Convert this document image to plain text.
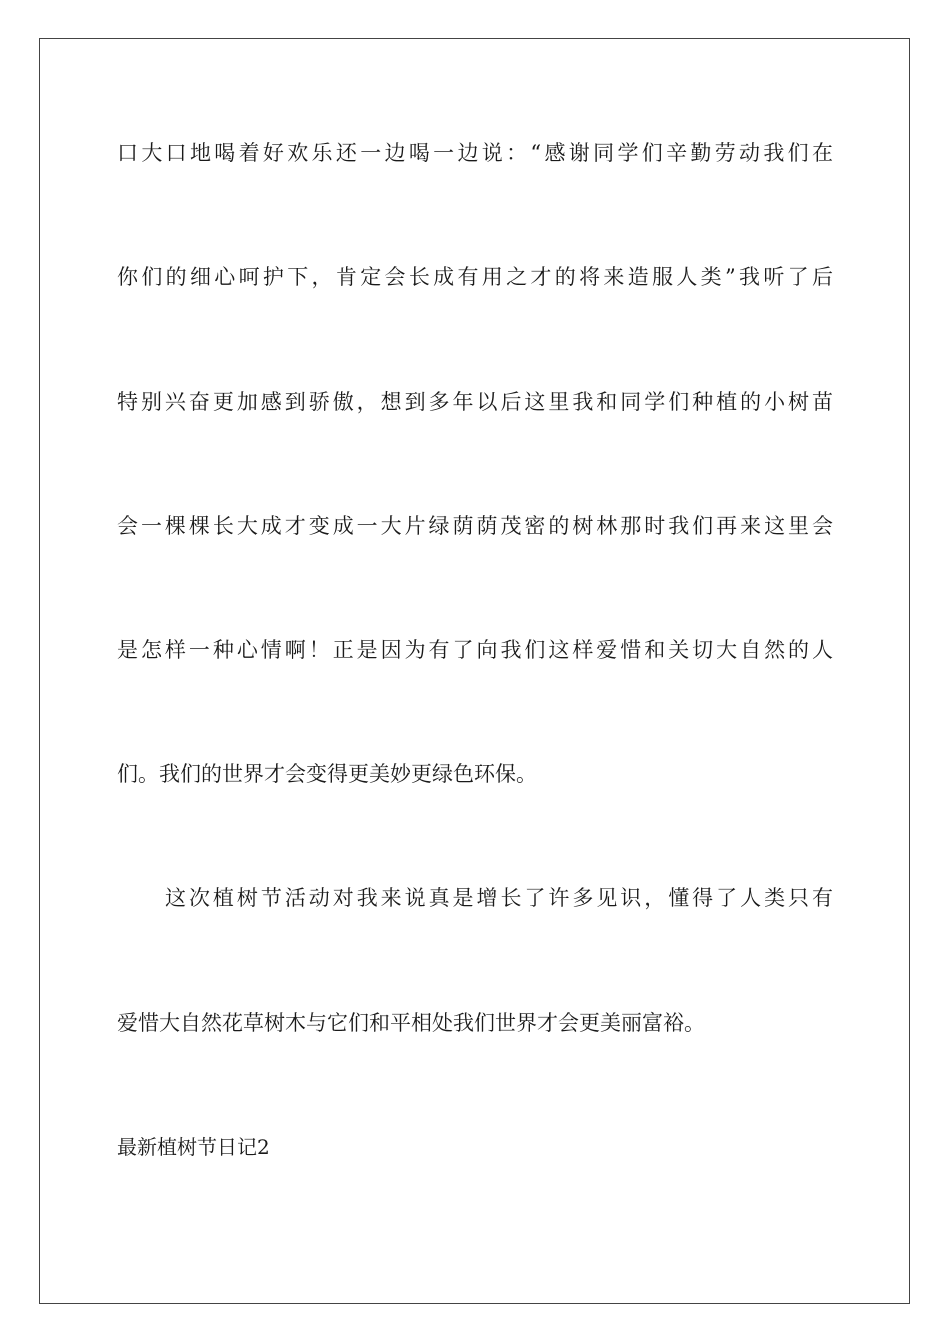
口大口地喝着好欢乐还一边喝一边说：“感谢同学们辛勤劳动我们在
你们的细心呵护下，肯定会长成有用之才的将来造服人类”我听了后
特别兴奋更加感到骄傲，想到多年以后这里我和同学们种植的小树苗
会一棵棵长大成才变成一大片绿荫荫茂密的树林那时我们再来这里会
是怎样一种心情啊！正是因为有了向我们这样爱惜和关切大自然的人
们。我们的世界才会变得更美妙更绿色环保。
这次植树节活动对我来说真是增长了许多见识，懂得了人类只有
爱惜大自然花草树木与它们和平相处我们世界才会更美丽富裕。
最新植树节日记2
